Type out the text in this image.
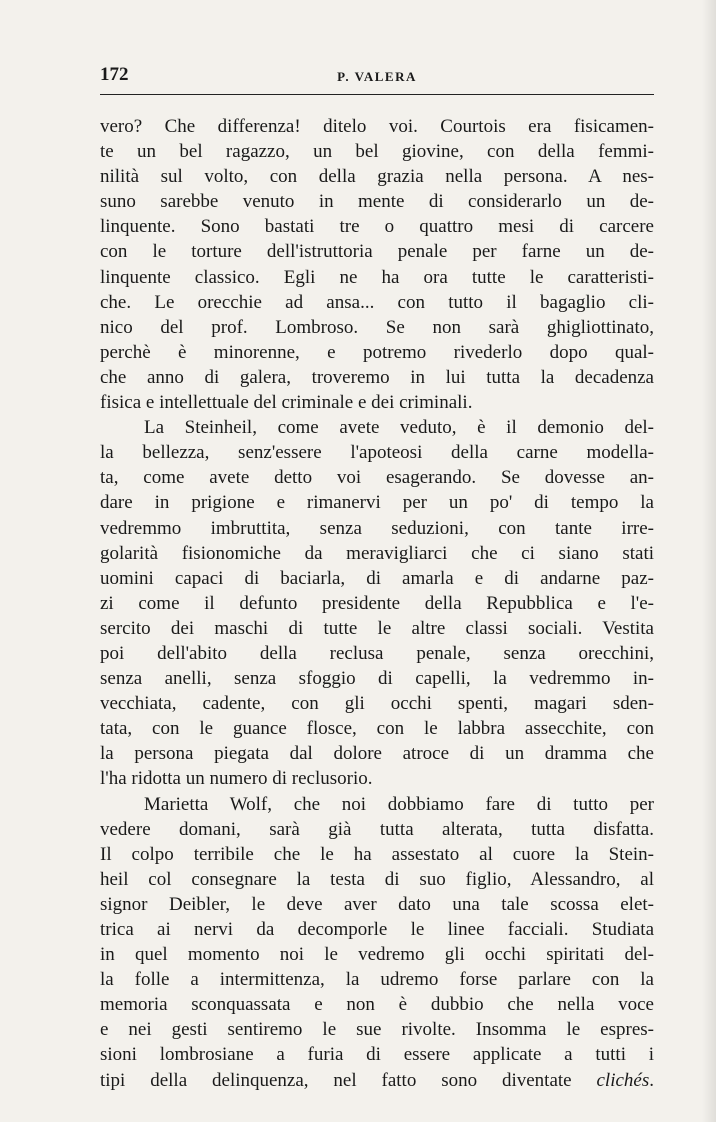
172	P. VALERA

vero? Che differenza! ditelo voi. Courtois era fisicamen-
te un bel ragazzo, un bel giovine, con della femmi-
nilità sul volto, con della grazia nella persona. A nes-
suno sarebbe venuto in mente di considerarlo un de-
linquente. Sono bastati tre o quattro mesi di carcere
con le torture dell'istruttoria penale per farne un de-
linquente classico. Egli ne ha ora tutte le caratteristi-
che. Le orecchie ad ansa... con tutto il bagaglio cli-
nico del prof. Lombroso. Se non sarà ghigliottinato,
perchè è minorenne, e potremo rivederlo dopo qual-
che anno di galera, troveremo in lui tutta la decadenza
fisica e intellettuale del criminale e dei criminali.

La Steinheil, come avete veduto, è il demonio del-
la bellezza, senz'essere l'apoteosi della carne modella-
ta, come avete detto voi esagerando. Se dovesse an-
dare in prigione e rimanervi per un po' di tempo la
vedremmo imbruttita, senza seduzioni, con tante irre-
golarità fisionomiche da meravigliarci che ci siano stati
uomini capaci di baciarla, di amarla e di andarne paz-
zi come il defunto presidente della Repubblica e l'e-
sercito dei maschi di tutte le altre classi sociali. Vestita
poi dell'abito della reclusa penale, senza orecchini,
senza anelli, senza sfoggio di capelli, la vedremmo in-
vecchiata, cadente, con gli occhi spenti, magari sden-
tata, con le guance flosce, con le labbra assecchite, con
la persona piegata dal dolore atroce di un dramma che
l'ha ridotta un numero di reclusorio.

Marietta Wolf, che noi dobbiamo fare di tutto per
vedere domani, sarà già tutta alterata, tutta disfatta.
Il colpo terribile che le ha assestato al cuore la Stein-
heil col consegnare la testa di suo figlio, Alessandro, al
signor Deibler, le deve aver dato una tale scossa elet-
trica ai nervi da decomporle le linee facciali. Studiata
in quel momento noi le vedremo gli occhi spiritati del-
la folle a intermittenza, la udremo forse parlare con la
memoria sconquassata e non è dubbio che nella voce
e nei gesti sentiremo le sue rivolte. Insomma le espres-
sioni lombrosiane a furia di essere applicate a tutti i
tipi della delinquenza, nel fatto sono diventate clichés.
